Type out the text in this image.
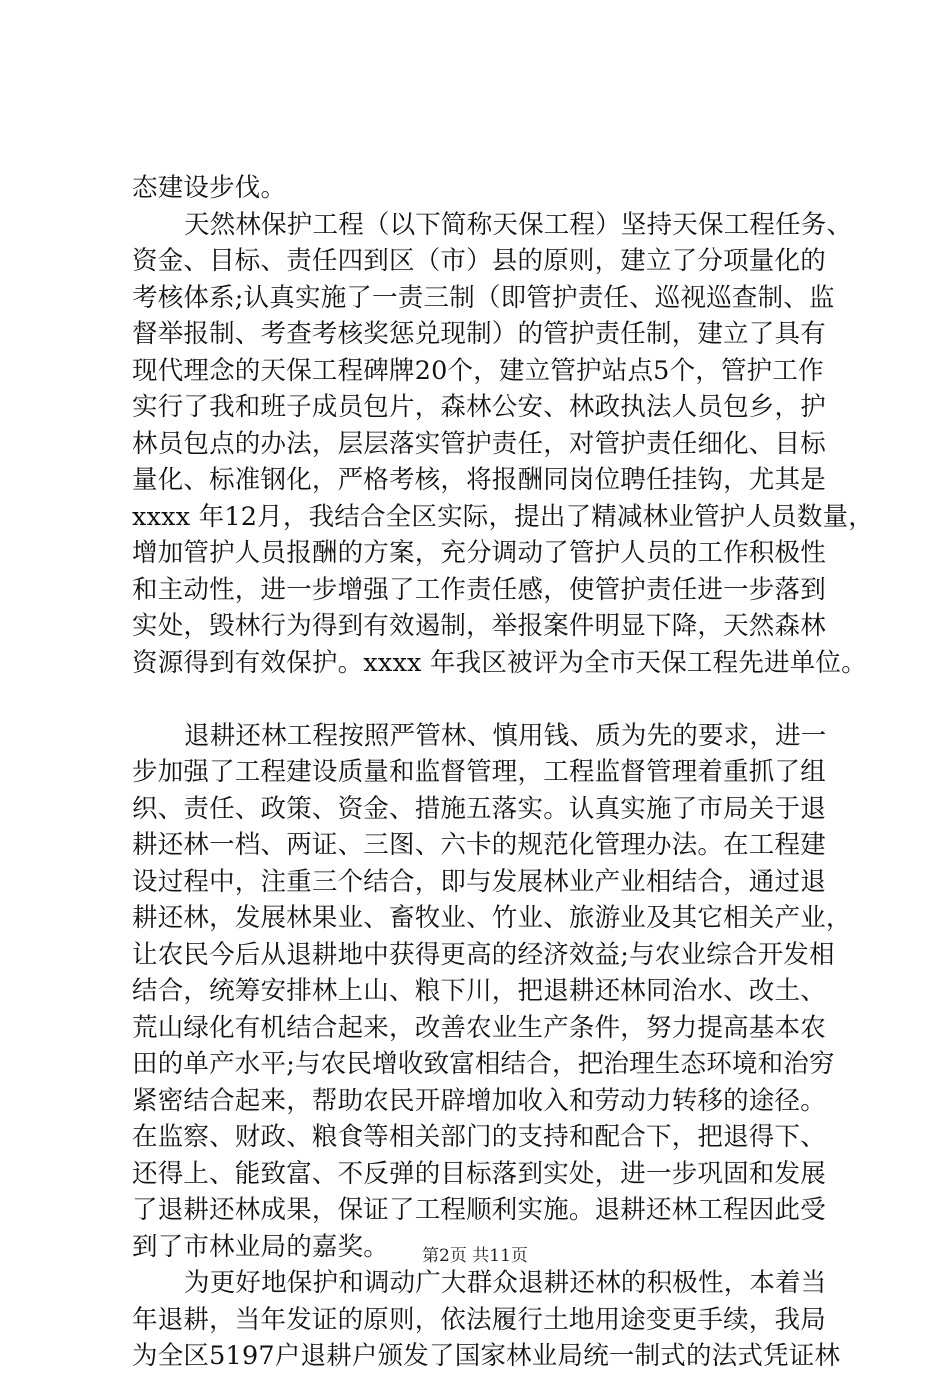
态建设步伐。
天然林保护工程（以下简称天保工程）坚持天保工程任务、
资金、目标、责任四到区（市）县的原则，建立了分项量化的
考核体系;认真实施了一责三制（即管护责任、巡视巡查制、监
督举报制、考查考核奖惩兑现制）的管护责任制，建立了具有
现代理念的天保工程碑牌20个，建立管护站点5个，管护工作
实行了我和班子成员包片，森林公安、林政执法人员包乡，护
林员包点的办法，层层落实管护责任，对管护责任细化、目标
量化、标准钢化，严格考核，将报酬同岗位聘任挂钩，尤其是
xxxx 年12月，我结合全区实际，提出了精减林业管护人员数量，
增加管护人员报酬的方案，充分调动了管护人员的工作积极性
和主动性，进一步增强了工作责任感，使管护责任进一步落到
实处，毁林行为得到有效遏制，举报案件明显下降，天然森林
资源得到有效保护。xxxx 年我区被评为全市天保工程先进单位。
退耕还林工程按照严管林、慎用钱、质为先的要求，进一
步加强了工程建设质量和监督管理，工程监督管理着重抓了组
织、责任、政策、资金、措施五落实。认真实施了市局关于退
耕还林一档、两证、三图、六卡的规范化管理办法。在工程建
设过程中，注重三个结合，即与发展林业产业相结合，通过退
耕还林，发展林果业、畜牧业、竹业、旅游业及其它相关产业，
让农民今后从退耕地中获得更高的经济效益;与农业综合开发相
结合，统筹安排林上山、粮下川，把退耕还林同治水、改土、
荒山绿化有机结合起来，改善农业生产条件，努力提高基本农
田的单产水平;与农民增收致富相结合，把治理生态环境和治穷
紧密结合起来，帮助农民开辟增加收入和劳动力转移的途径。
在监察、财政、粮食等相关部门的支持和配合下，把退得下、
还得上、能致富、不反弹的目标落到实处，进一步巩固和发展
了退耕还林成果，保证了工程顺利实施。退耕还林工程因此受
到了市林业局的嘉奖。
为更好地保护和调动广大群众退耕还林的积极性，本着当
年退耕，当年发证的原则，依法履行土地用途变更手续，我局
为全区5197户退耕户颁发了国家林业局统一制式的法式凭证林
第2页 共11页
